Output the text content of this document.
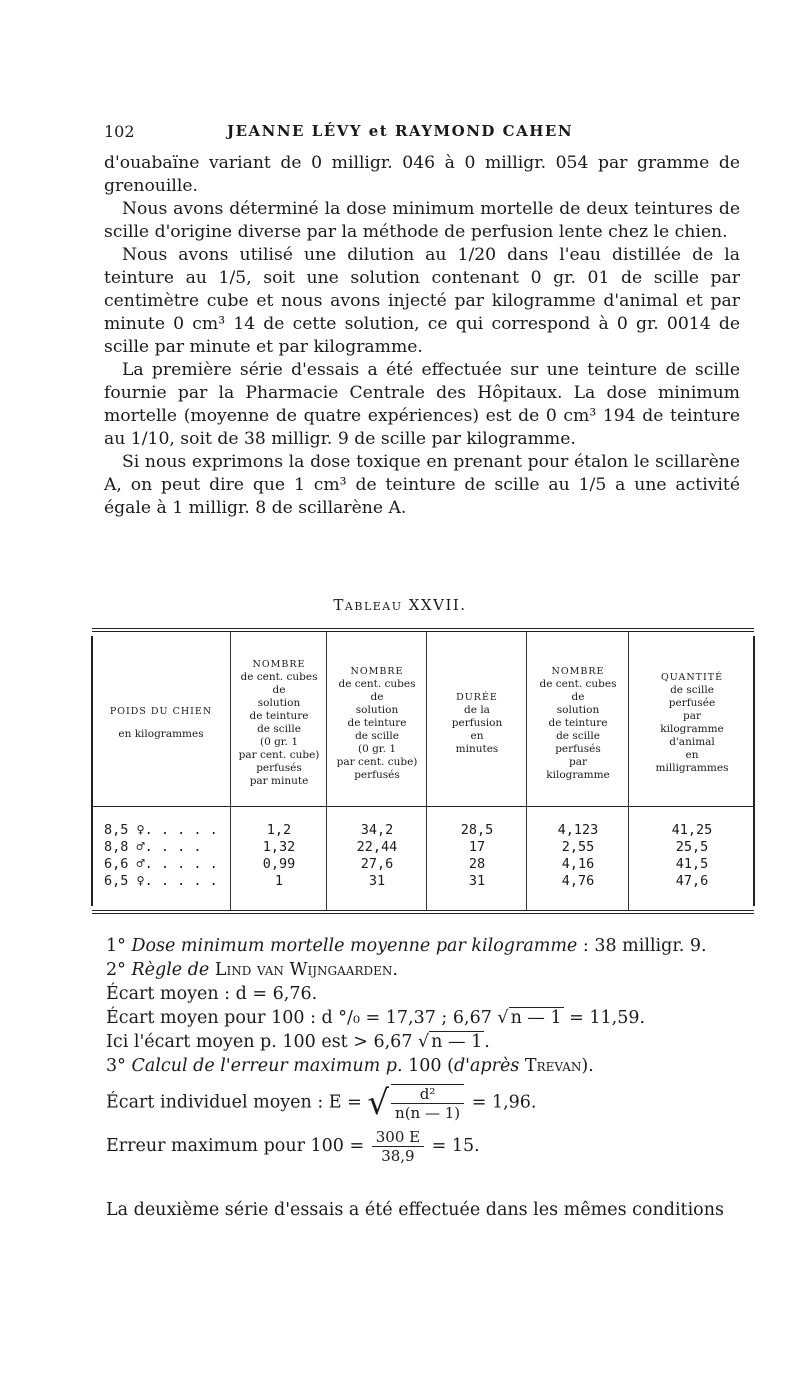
102	JEANNE LÉVY et RAYMOND CAHEN

d'ouabaïne variant de 0 milligr. 046 à 0 milligr. 054 par gramme de grenouille.

Nous avons déterminé la dose minimum mortelle de deux teintures de scille d'origine diverse par la méthode de perfusion lente chez le chien.

Nous avons utilisé une dilution au 1/20 dans l'eau distillée de la teinture au 1/5, soit une solution contenant 0 gr. 01 de scille par centimètre cube et nous avons injecté par kilogramme d'animal et par minute 0 cm³ 14 de cette solution, ce qui correspond à 0 gr. 0014 de scille par minute et par kilogramme.

La première série d'essais a été effectuée sur une teinture de scille fournie par la Pharmacie Centrale des Hôpitaux. La dose minimum mortelle (moyenne de quatre expériences) est de 0 cm³ 194 de teinture au 1/10, soit de 38 milligr. 9 de scille par kilogramme.

Si nous exprimons la dose toxique en prenant pour étalon le scillarène A, on peut dire que 1 cm³ de teinture de scille au 1/5 a une activité égale à 1 milligr. 8 de scillarène A.

Tableau XXVII.
POIDS DU CHIEN
en kilogrammes
8,5 ♀. . . . .
8,8 ♂. . . .
6,6 ♂. . . . .
6,5 ♀. . . . .
NOMBRE
de cent. cubes
de
solution
de teinture
de scille
(0 gr. 1
par cent. cube)
perfusés
par minute
1,2
1,32
0,99
1
NOMBRE
de cent. cubes
de
solution
de teinture
de scille
(0 gr. 1
par cent. cube)
perfusés
34,2
22,44
27,6
31
DURÉE
de la
perfusion
en
minutes
28,5
17
28
31
NOMBRE
de cent. cubes
de
solution
de teinture
de scille
perfusés
par
kilogramme
4,123
2,55
4,16
4,76
QUANTITÉ
de scille
perfusée
par
kilogramme
d'animal
en
milligrammes
41,25
25,5
41,5
47,6
1° Dose minimum mortelle moyenne par kilogramme : 38 milligr. 9.
2° Règle de Lind van Wijngaarden.
Écart moyen : d = 6,76.
Écart moyen pour 100 : d °/₀ = 17,37 ; 6,67 √ n — 1 = 11,59.
Ici l'écart moyen p. 100 est > 6,67 √ n — 1 .
3° Calcul de l'erreur maximum p. 100 (d'après Trevan).
Écart individuel moyen : E = √ $\frac{\text{d²}}{n(n — 1)} = 1,96$.
Erreur maximum pour $100 = \frac{300 E}{38,9} = 15$.
La deuxième série d'essais a été effectuée dans les mêmes conditions
